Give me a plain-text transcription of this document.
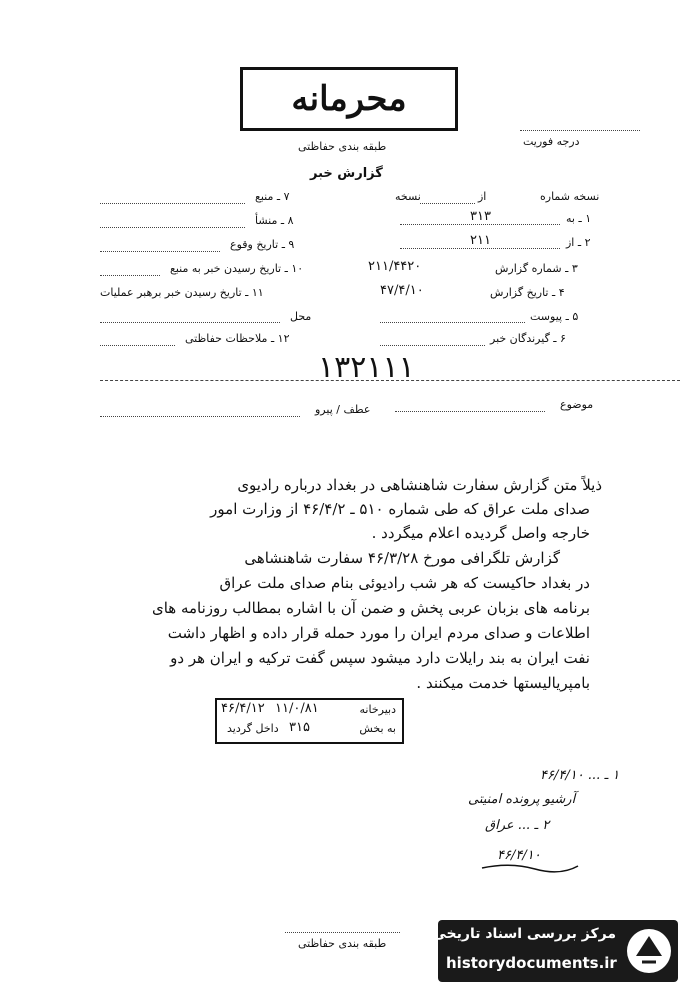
محرمانه
طبقه بندی حفاظتی	درجه فوریت
گزارش خبر
نسخه شماره
از
نسخه
۱ ـ به
۳۱۳
۲ ـ از
۲۱۱
۳ ـ شماره گزارش
۲۱۱/۴۴۲۰
۴ ـ تاریخ گزارش
۴۷/۴/۱۰
۵ ـ پیوست
۶ ـ گیرندگان خبر
۷ ـ منبع
۸ ـ منشأ
۹ ـ تاریخ وقوع
۱۰ ـ تاریخ رسیدن خبر به منبع
۱۱ ـ تاریخ رسیدن خبر برهبر عملیات
محل
۱۲ ـ ملاحظات حفاظتی
۱۳۲۱۱۱
موضوع
عطف / پیرو
ذیلاً متن گزارش سفارت شاهنشاهی در بغداد درباره رادیوی
صدای ملت عراق که طی شماره ۵۱۰ ـ ۴۶/۴/۲ از وزارت امور
خارجه واصل گردیده اعلام میگردد .
گزارش تلگرافی مورخ ۴۶/۳/۲۸ سفارت شاهنشاهی
در بغداد حاکیست که هر شب رادیوئی بنام صدای ملت عراق
برنامه های بزبان عربی پخش و ضمن آن با اشاره بمطالب روزنامه های
اطلاعات و صدای مردم ایران را مورد حمله قرار داده و اظهار داشت
نفت ایران به بند رایلات دارد میشود سپس گفت ترکیه و ایران هر دو
بامپریالیستها خدمت میکنند .
دبیرخانه
۱۱/۰/۸۱
۴۶/۴/۱۲
به بخش
۳۱۵
داخل گردید
۱ ـ ... ۴۶/۴/۱۰
آرشیو پرونده امنیتی
۲ ـ ... عراق
۴۶/۴/۱۰
طبقه بندی حفاظتی
مرکز بررسی اسناد تاریخی
historydocuments.ir
